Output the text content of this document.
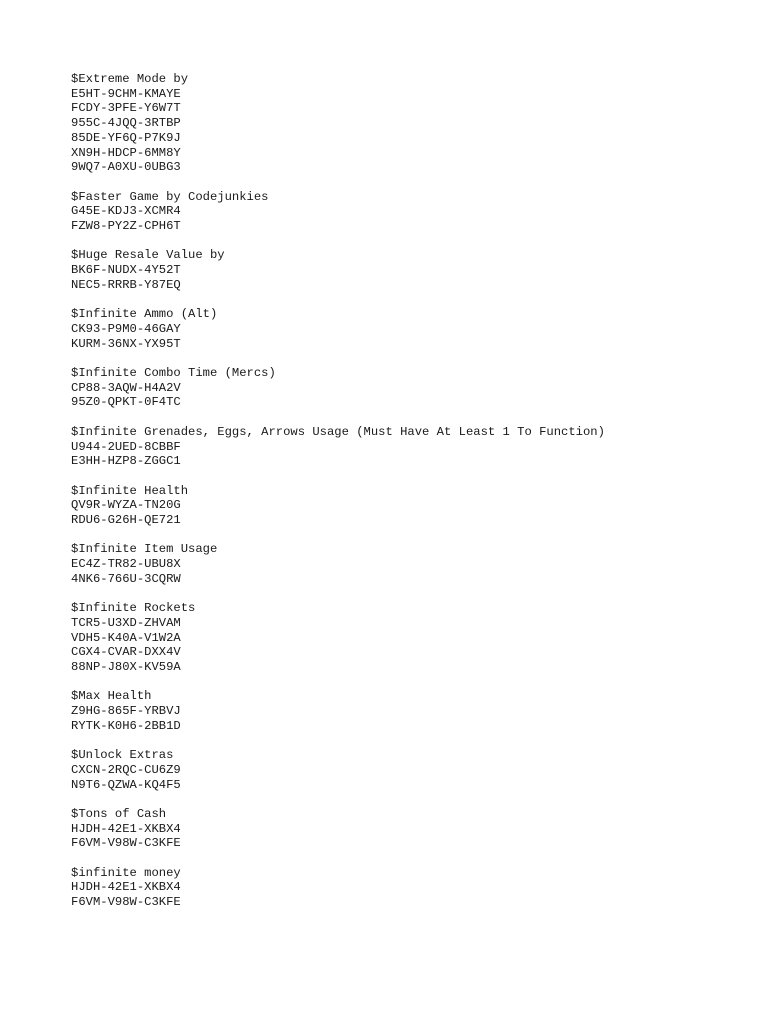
$Extreme Mode by
E5HT-9CHM-KMAYE
FCDY-3PFE-Y6W7T
955C-4JQQ-3RTBP
85DE-YF6Q-P7K9J
XN9H-HDCP-6MM8Y
9WQ7-A0XU-0UBG3
$Faster Game by Codejunkies
G45E-KDJ3-XCMR4
FZW8-PY2Z-CPH6T
$Huge Resale Value by
BK6F-NUDX-4Y52T
NEC5-RRRB-Y87EQ
$Infinite Ammo (Alt)
CK93-P9M0-46GAY
KURM-36NX-YX95T
$Infinite Combo Time (Mercs)
CP88-3AQW-H4A2V
95Z0-QPKT-0F4TC
$Infinite Grenades, Eggs, Arrows Usage (Must Have At Least 1 To Function)
U944-2UED-8CBBF
E3HH-HZP8-ZGGC1
$Infinite Health
QV9R-WYZA-TN20G
RDU6-G26H-QE721
$Infinite Item Usage
EC4Z-TR82-UBU8X
4NK6-766U-3CQRW
$Infinite Rockets
TCR5-U3XD-ZHVAM
VDH5-K40A-V1W2A
CGX4-CVAR-DXX4V
88NP-J80X-KV59A
$Max Health
Z9HG-865F-YRBVJ
RYTK-K0H6-2BB1D
$Unlock Extras
CXCN-2RQC-CU6Z9
N9T6-QZWA-KQ4F5
$Tons of Cash
HJDH-42E1-XKBX4
F6VM-V98W-C3KFE
$infinite money
HJDH-42E1-XKBX4
F6VM-V98W-C3KFE
